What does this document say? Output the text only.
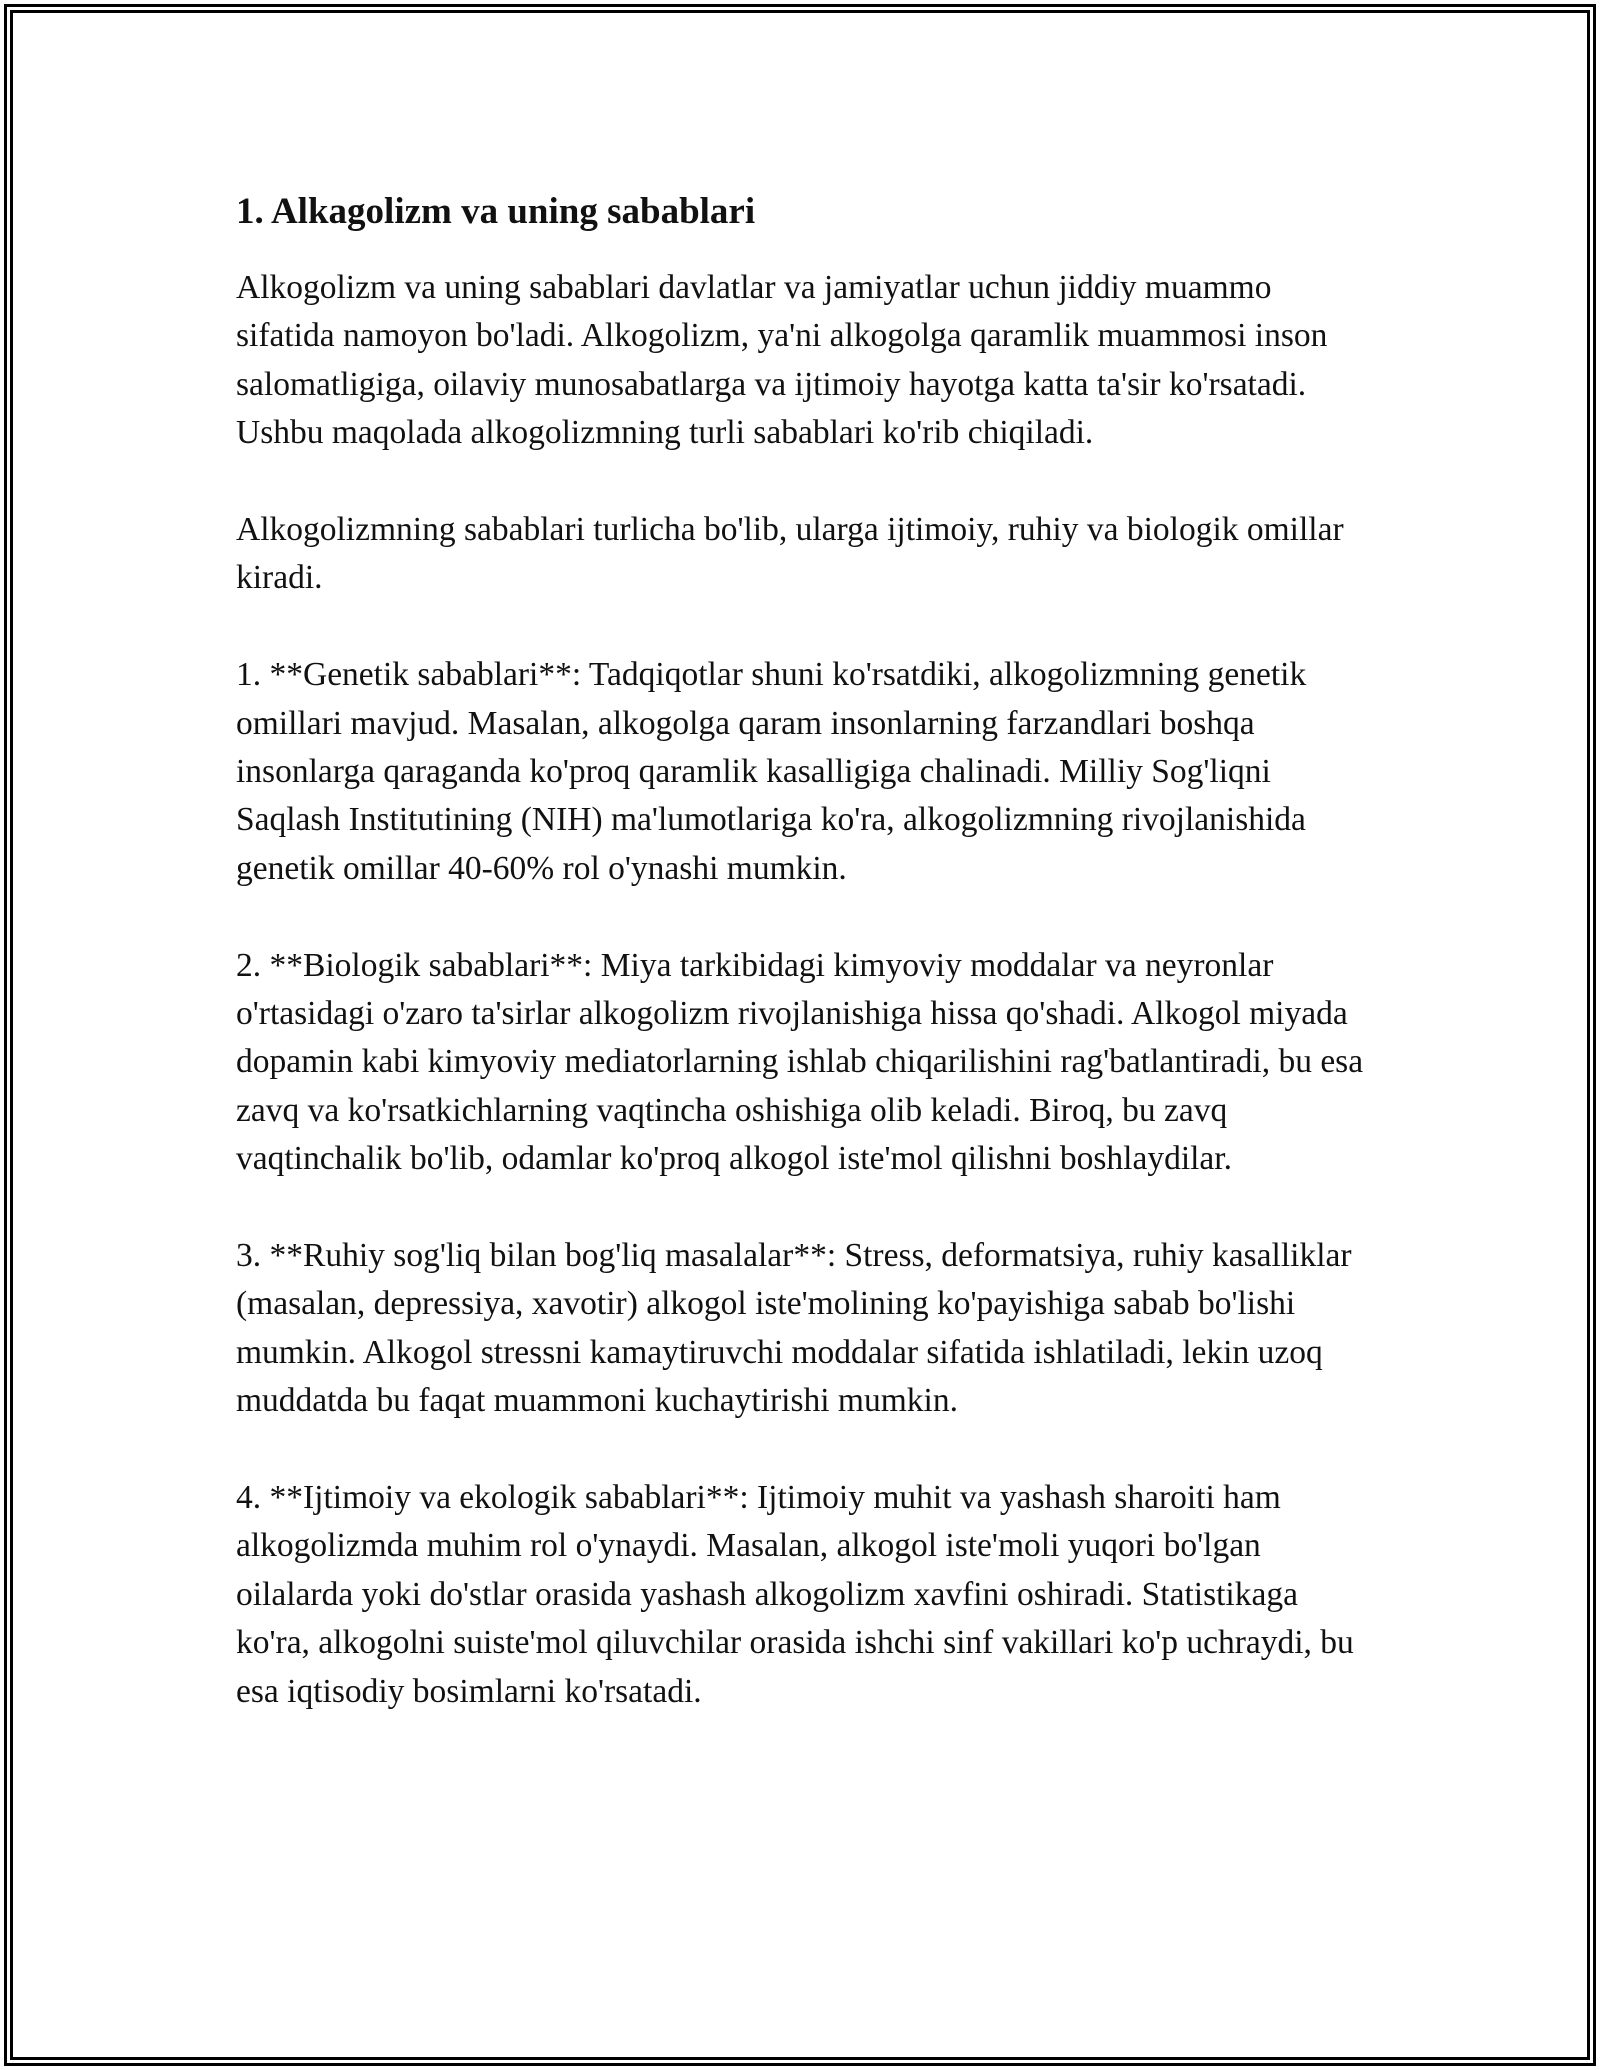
1. Alkagolizm va uning sabablari

Alkogolizm va uning sabablari davlatlar va jamiyatlar uchun jiddiy muammo sifatida namoyon bo'ladi. Alkogolizm, ya'ni alkogolga qaramlik muammosi inson salomatligiga, oilaviy munosabatlarga va ijtimoiy hayotga katta ta'sir ko'rsatadi. Ushbu maqolada alkogolizmning turli sabablari ko'rib chiqiladi.

Alkogolizmning sabablari turlicha bo'lib, ularga ijtimoiy, ruhiy va biologik omillar kiradi.

1. **Genetik sabablari**: Tadqiqotlar shuni ko'rsatdiki, alkogolizmning genetik omillari mavjud. Masalan, alkogolga qaram insonlarning farzandlari boshqa insonlarga qaraganda ko'proq qaramlik kasalligiga chalinadi. Milliy Sog'liqni Saqlash Institutining (NIH) ma'lumotlariga ko'ra, alkogolizmning rivojlanishida genetik omillar 40-60% rol o'ynashi mumkin.

2. **Biologik sabablari**: Miya tarkibidagi kimyoviy moddalar va neyronlar o'rtasidagi o'zaro ta'sirlar alkogolizm rivojlanishiga hissa qo'shadi. Alkogol miyada dopamin kabi kimyoviy mediatorlarning ishlab chiqarilishini rag'batlantiradi, bu esa zavq va ko'rsatkichlarning vaqtincha oshishiga olib keladi. Biroq, bu zavq vaqtinchalik bo'lib, odamlar ko'proq alkogol iste'mol qilishni boshlaydilar.

3. **Ruhiy sog'liq bilan bog'liq masalalar**: Stress, deformatsiya, ruhiy kasalliklar (masalan, depressiya, xavotir) alkogol iste'molining ko'payishiga sabab bo'lishi mumkin. Alkogol stressni kamaytiruvchi moddalar sifatida ishlatiladi, lekin uzoq muddatda bu faqat muammoni kuchaytirishi mumkin.

4. **Ijtimoiy va ekologik sabablari**: Ijtimoiy muhit va yashash sharoiti ham alkogolizmda muhim rol o'ynaydi. Masalan, alkogol iste'moli yuqori bo'lgan oilalarda yoki do'stlar orasida yashash alkogolizm xavfini oshiradi. Statistikaga ko'ra, alkogolni suiste'mol qiluvchilar orasida ishchi sinf vakillari ko'p uchraydi, bu esa iqtisodiy bosimlarni ko'rsatadi.
